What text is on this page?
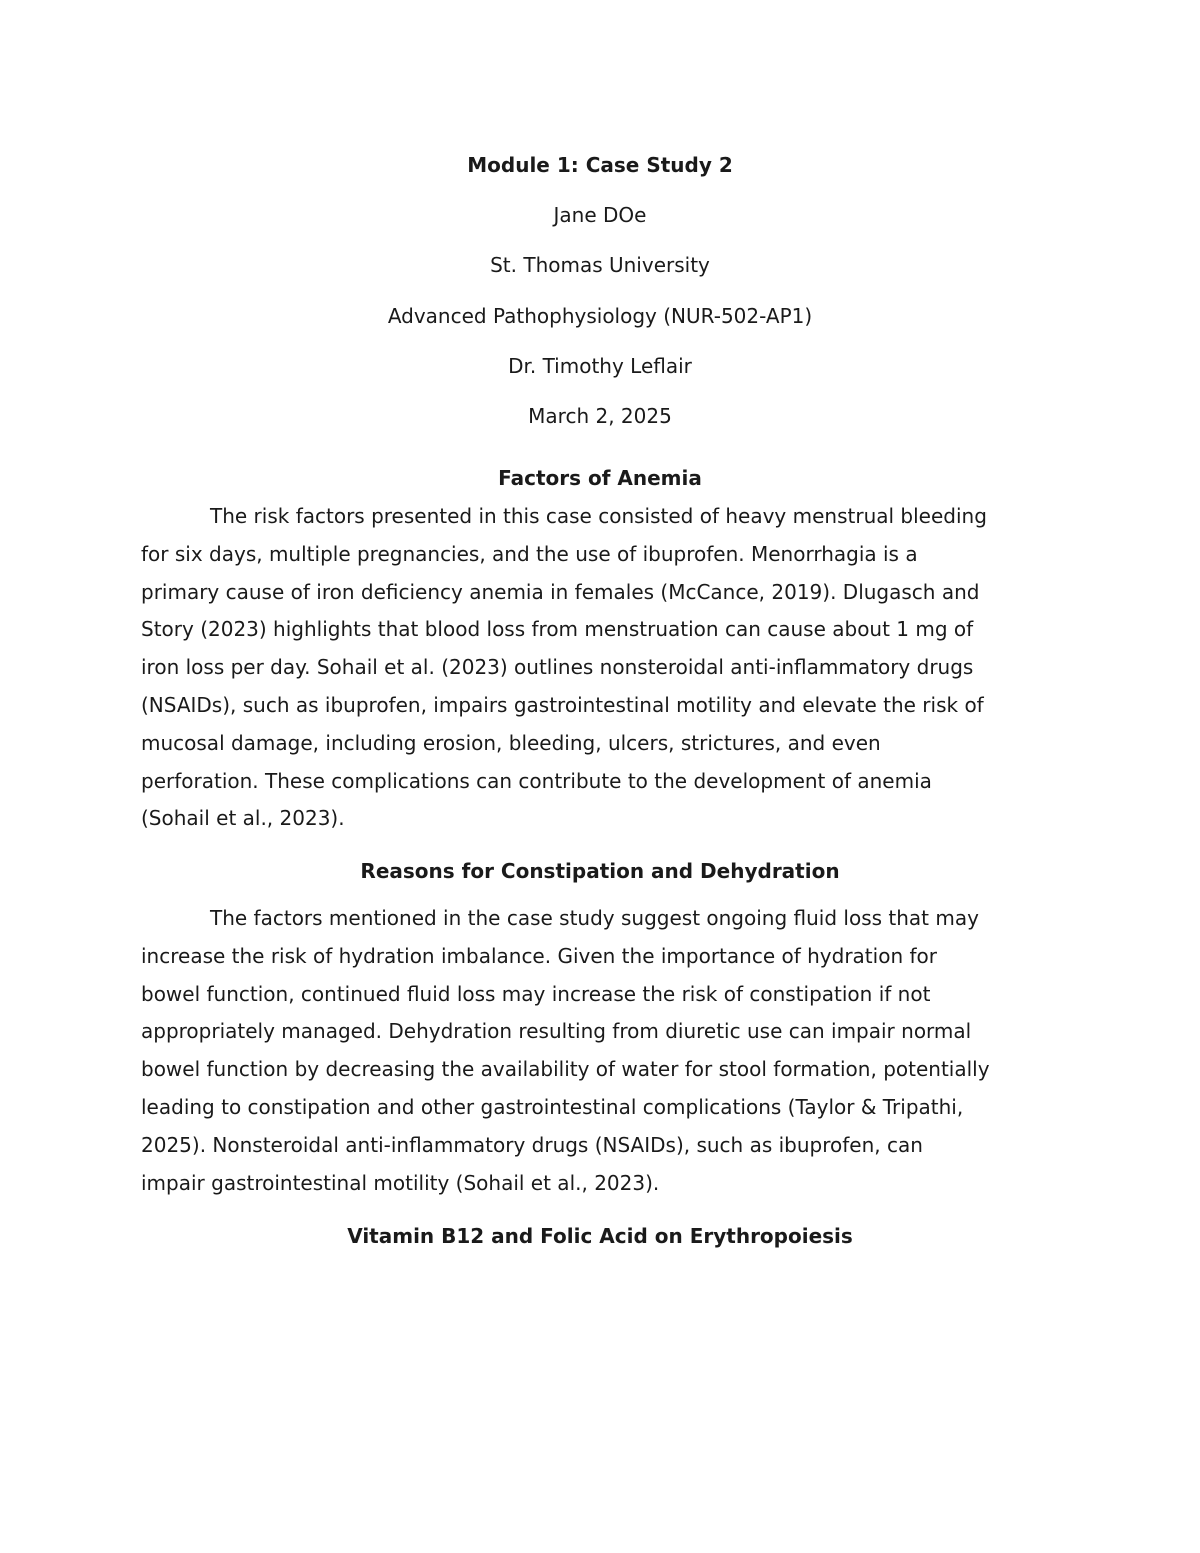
Module 1: Case Study 2
Jane DOe
St. Thomas University
Advanced Pathophysiology (NUR-502-AP1)
Dr. Timothy Leflair
March 2, 2025
Factors of Anemia
The risk factors presented in this case consisted of heavy menstrual bleeding
for six days, multiple pregnancies, and the use of ibuprofen. Menorrhagia is a
primary cause of iron deficiency anemia in females (McCance, 2019). Dlugasch and
Story (2023) highlights that blood loss from menstruation can cause about 1 mg of
iron loss per day. Sohail et al. (2023) outlines nonsteroidal anti-inflammatory drugs
(NSAIDs), such as ibuprofen, impairs gastrointestinal motility and elevate the risk of
mucosal damage, including erosion, bleeding, ulcers, strictures, and even
perforation. These complications can contribute to the development of anemia
(Sohail et al., 2023).
Reasons for Constipation and Dehydration
The factors mentioned in the case study suggest ongoing fluid loss that may
increase the risk of hydration imbalance. Given the importance of hydration for
bowel function, continued fluid loss may increase the risk of constipation if not
appropriately managed. Dehydration resulting from diuretic use can impair normal
bowel function by decreasing the availability of water for stool formation, potentially
leading to constipation and other gastrointestinal complications (Taylor & Tripathi,
2025). Nonsteroidal anti-inflammatory drugs (NSAIDs), such as ibuprofen, can
impair gastrointestinal motility (Sohail et al., 2023).
Vitamin B12 and Folic Acid on Erythropoiesis
